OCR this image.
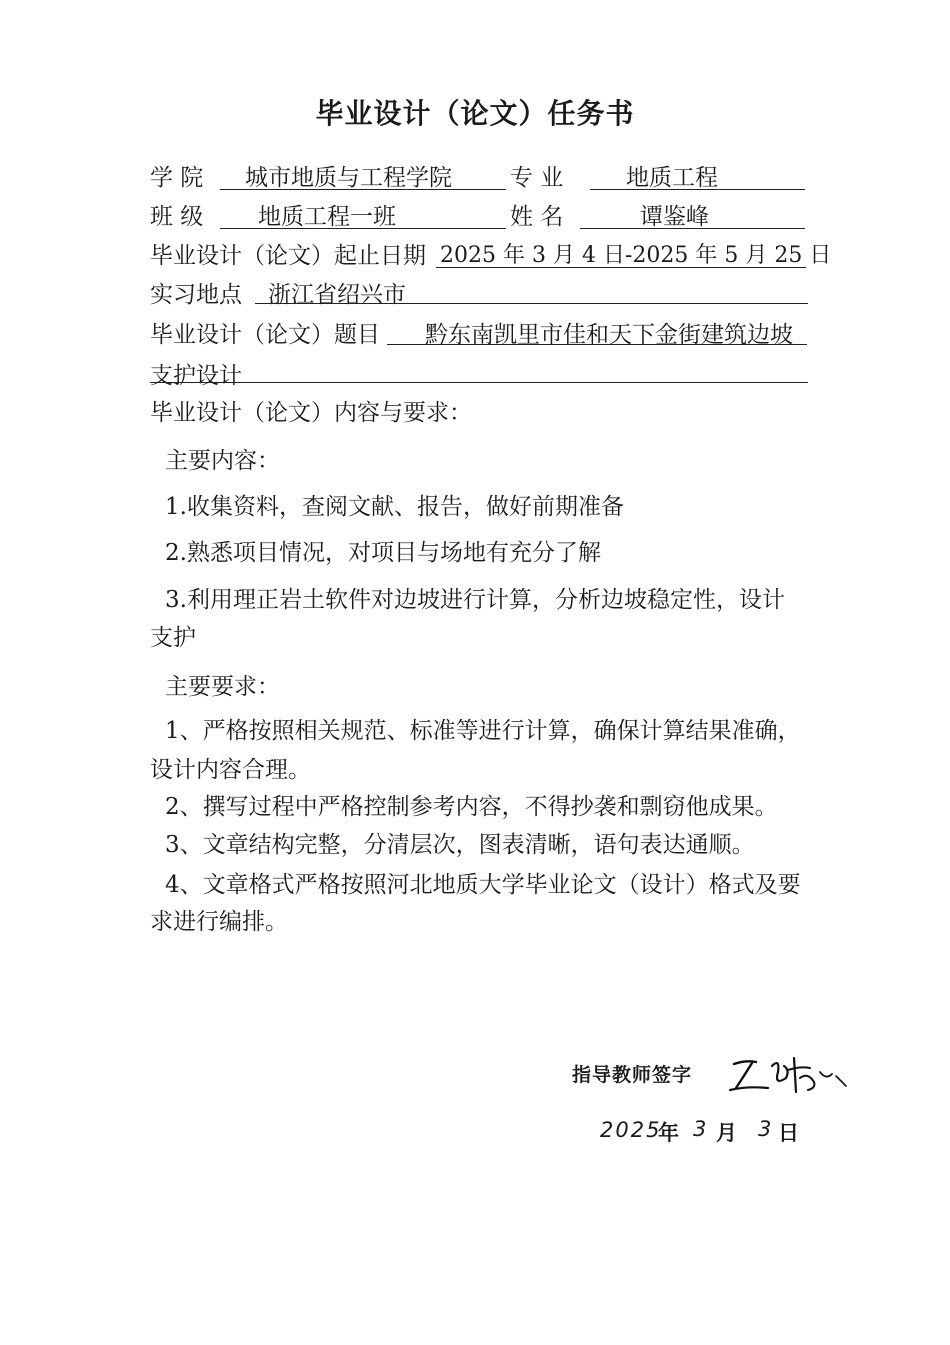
毕业设计（论文）任务书
学 院 城市地质与工程学院	专 业	地质工程
班 级 地质工程一班	姓 名	谭鉴峰
毕业设计（论文）起止日期 2025 年 3 月 4 日-2025 年 5 月 25 日
实习地点 浙江省绍兴市
毕业设计（论文）题目 黔东南凯里市佳和天下金街建筑边坡
支护设计
毕业设计（论文）内容与要求：
主要内容：
1.收集资料，查阅文献、报告，做好前期准备
2.熟悉项目情况，对项目与场地有充分了解
3.利用理正岩土软件对边坡进行计算，分析边坡稳定性，设计
支护
主要要求：
1、严格按照相关规范、标准等进行计算，确保计算结果准确，
设计内容合理。
2、撰写过程中严格控制参考内容，不得抄袭和剽窃他成果。
3、文章结构完整，分清层次，图表清晰，语句表达通顺。
4、文章格式严格按照河北地质大学毕业论文（设计）格式及要
求进行编排。
指导教师签字
2025
年 3 月 3 日
